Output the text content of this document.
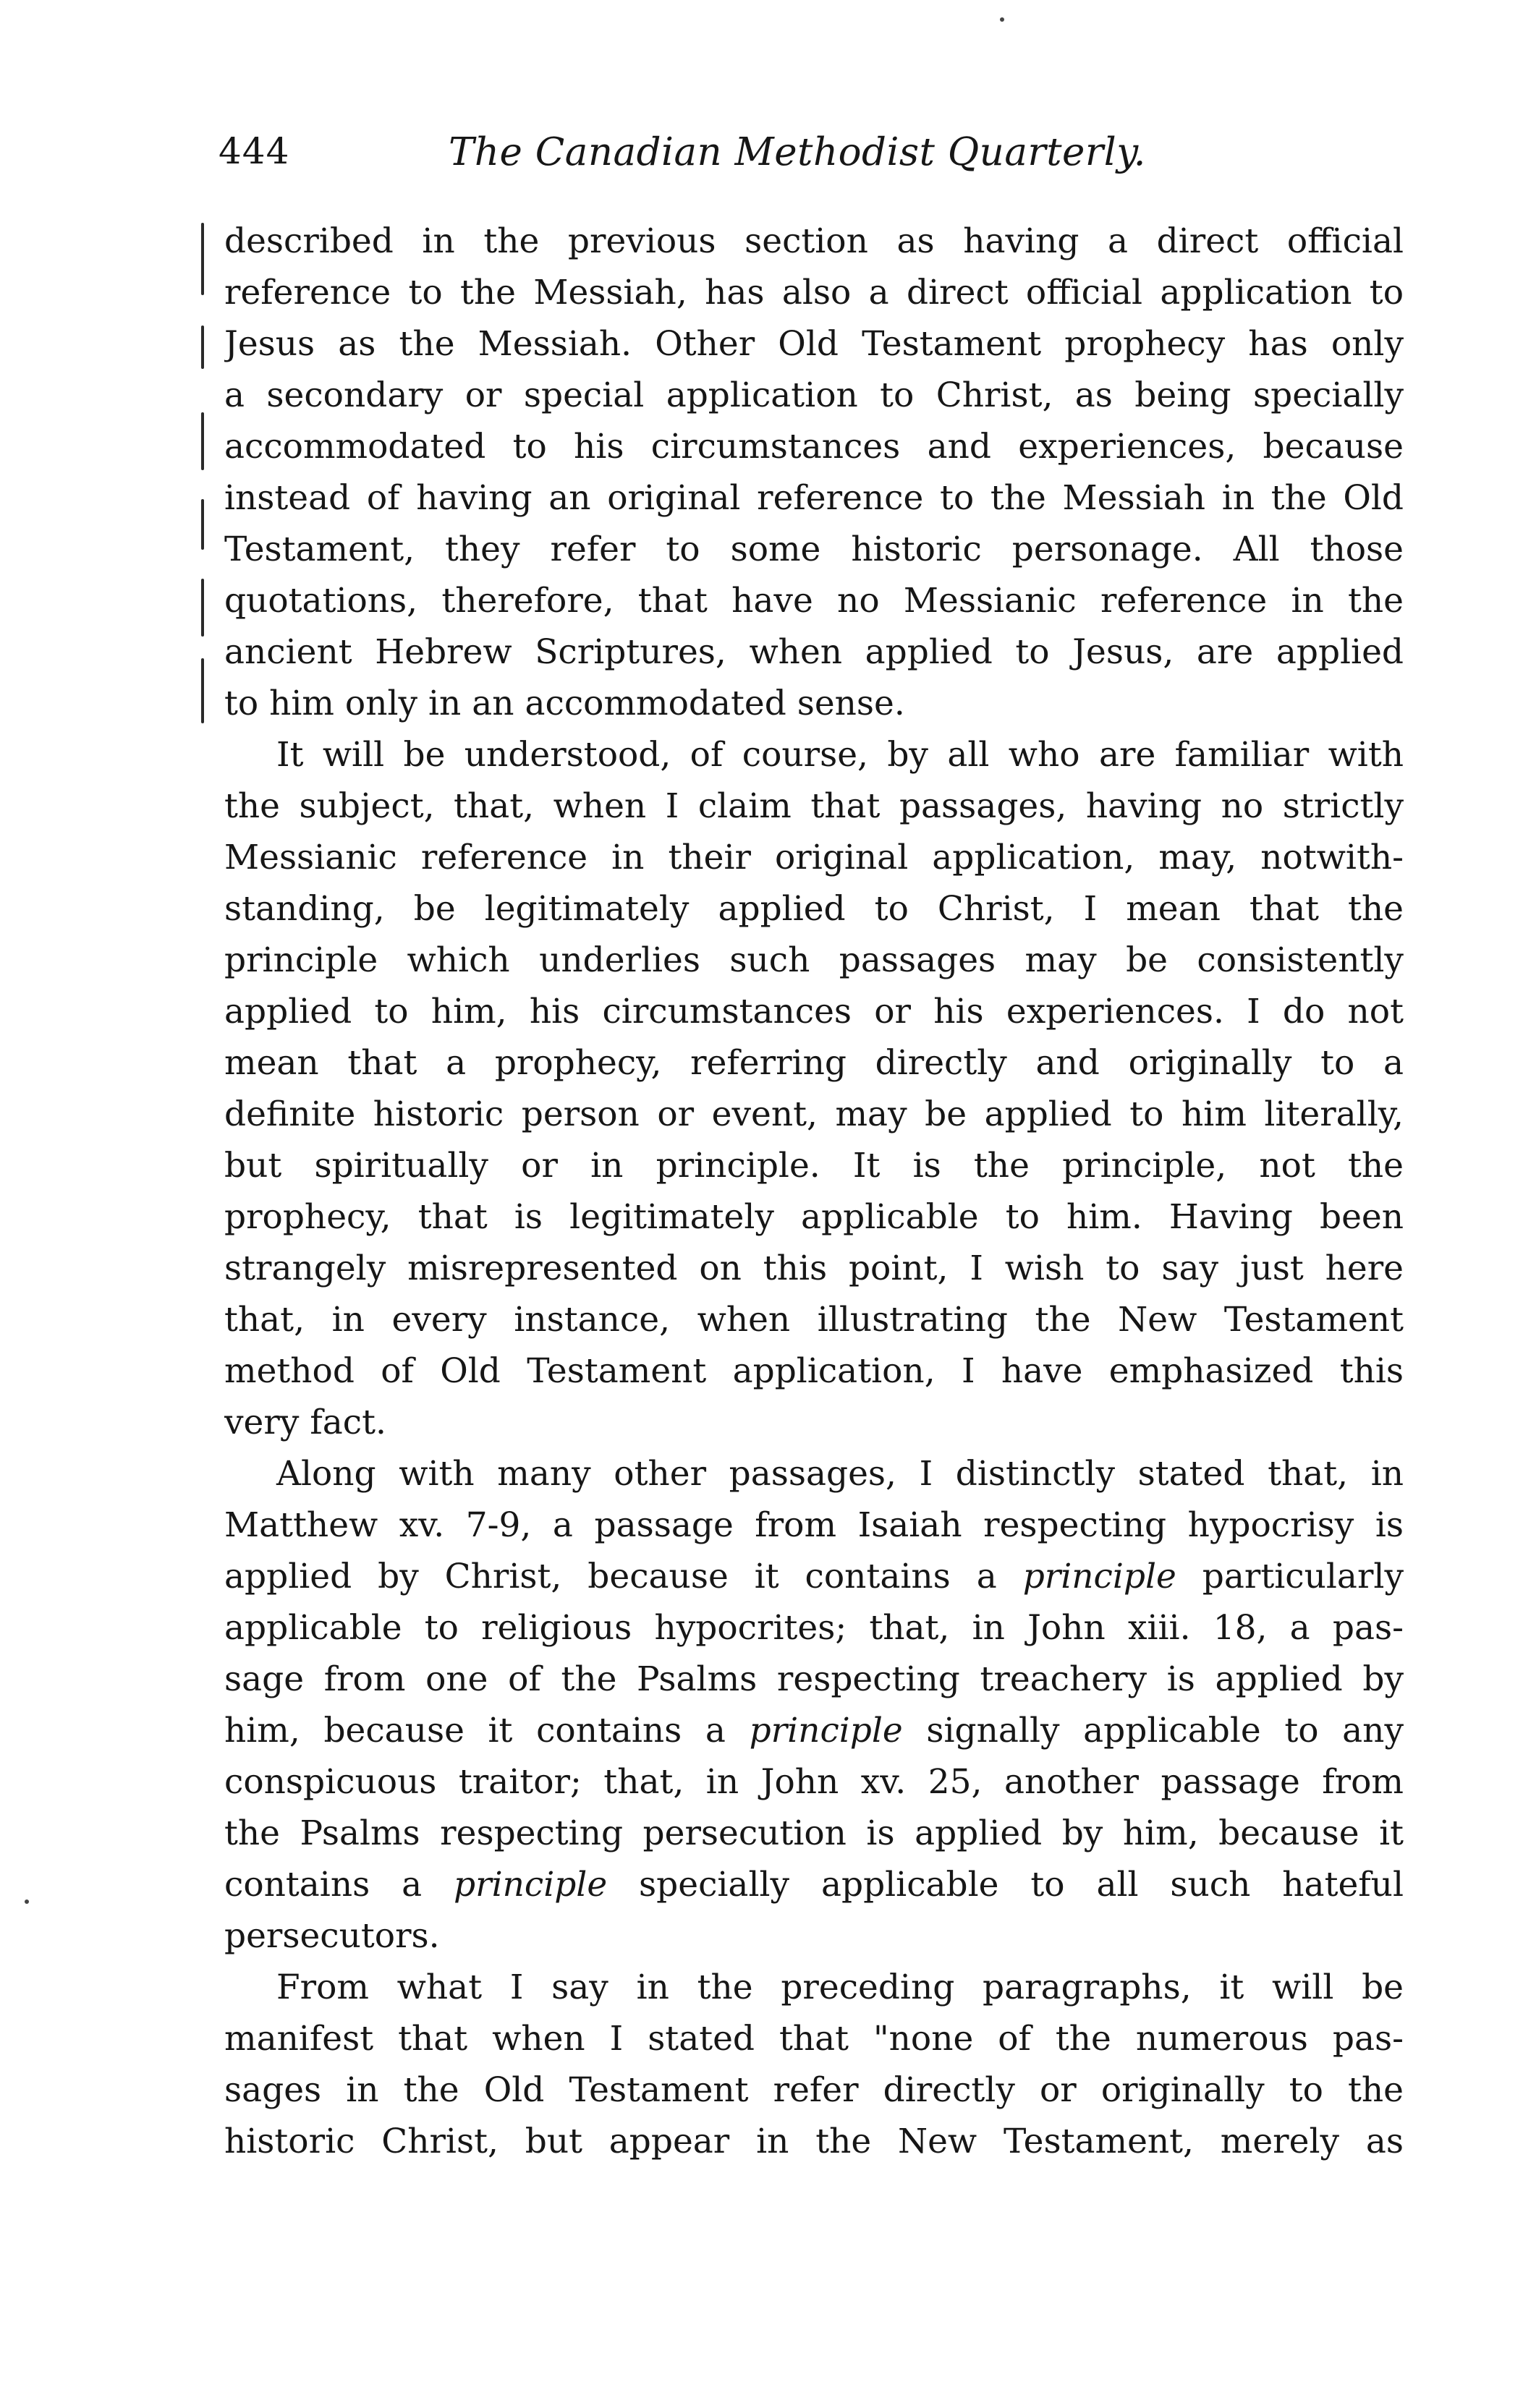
444	The Canadian Methodist Quarterly.
described in the previous section as having a direct official
reference to the Messiah, has also a direct official application to
Jesus as the Messiah. Other Old Testament prophecy has only
a secondary or special application to Christ, as being specially
accommodated to his circumstances and experiences, because
instead of having an original reference to the Messiah in the Old
Testament, they refer to some historic personage. All those
quotations, therefore, that have no Messianic reference in the
ancient Hebrew Scriptures, when applied to Jesus, are applied
to him only in an accommodated sense.
It will be understood, of course, by all who are familiar with
the subject, that, when I claim that passages, having no strictly
Messianic reference in their original application, may, notwith-
standing, be legitimately applied to Christ, I mean that the
principle which underlies such passages may be consistently
applied to him, his circumstances or his experiences. I do not
mean that a prophecy, referring directly and originally to a
definite historic person or event, may be applied to him literally,
but spiritually or in principle. It is the principle, not the
prophecy, that is legitimately applicable to him. Having been
strangely misrepresented on this point, I wish to say just here
that, in every instance, when illustrating the New Testament
method of Old Testament application, I have emphasized this
very fact.
Along with many other passages, I distinctly stated that, in
Matthew xv. 7-9, a passage from Isaiah respecting hypocrisy is
applied by Christ, because it contains a principle particularly
applicable to religious hypocrites; that, in John xiii. 18, a pas-
sage from one of the Psalms respecting treachery is applied by
him, because it contains a principle signally applicable to any
conspicuous traitor; that, in John xv. 25, another passage from
the Psalms respecting persecution is applied by him, because it
contains a principle specially applicable to all such hateful
persecutors.
From what I say in the preceding paragraphs, it will be
manifest that when I stated that "none of the numerous pas-
sages in the Old Testament refer directly or originally to the
historic Christ, but appear in the New Testament, merely as
